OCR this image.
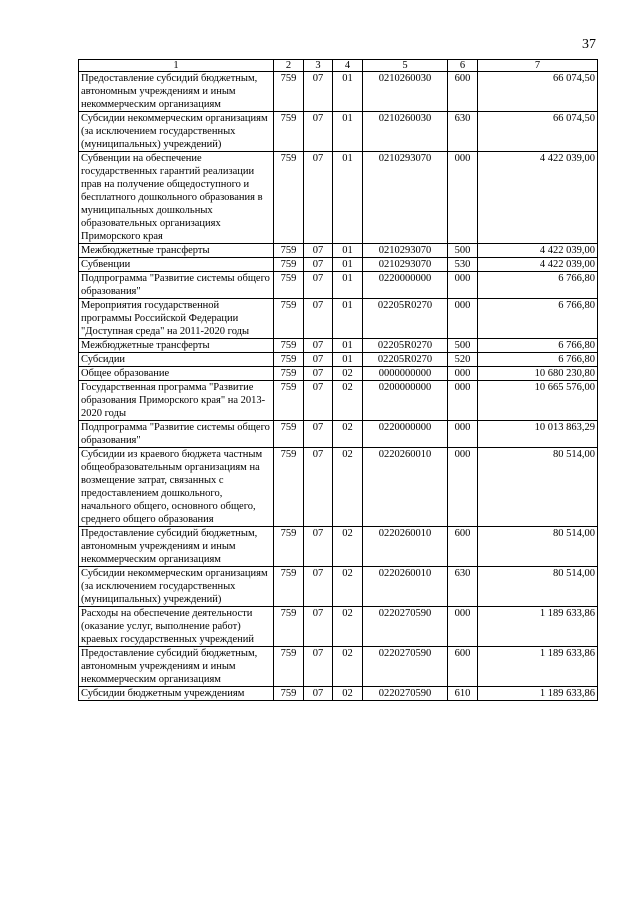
37
1	2	3	4	5	6	7
Предоставление субсидий бюджетным, автономным учреждениям и иным некоммерческим организациям	759	07	01	0210260030	600	66 074,50
Субсидии некоммерческим организациям (за исключением государственных (муниципальных) учреждений)	759	07	01	0210260030	630	66 074,50
Субвенции на обеспечение государственных гарантий реализации прав на получение общедоступного и бесплатного дошкольного образования в муниципальных дошкольных образовательных организациях Приморского края	759	07	01	0210293070	000	4 422 039,00
Межбюджетные трансферты	759	07	01	0210293070	500	4 422 039,00
Субвенции	759	07	01	0210293070	530	4 422 039,00
Подпрограмма "Развитие системы общего образования"	759	07	01	0220000000	000	6 766,80
Мероприятия государственной программы Российской Федерации "Доступная среда" на 2011-2020 годы	759	07	01	02205R0270	000	6 766,80
Межбюджетные трансферты	759	07	01	02205R0270	500	6 766,80
Субсидии	759	07	01	02205R0270	520	6 766,80
Общее образование	759	07	02	0000000000	000	10 680 230,80
Государственная программа "Развитие образования Приморского края" на 2013-2020 годы	759	07	02	0200000000	000	10 665 576,00
Подпрограмма "Развитие системы общего образования"	759	07	02	0220000000	000	10 013 863,29
Субсидии из краевого бюджета частным общеобразовательным организациям на возмещение затрат, связанных с предоставлением дошкольного, начального общего, основного общего, среднего общего образования	759	07	02	0220260010	000	80 514,00
Предоставление субсидий бюджетным, автономным учреждениям и иным некоммерческим организациям	759	07	02	0220260010	600	80 514,00
Субсидии некоммерческим организациям (за исключением государственных (муниципальных) учреждений)	759	07	02	0220260010	630	80 514,00
Расходы на обеспечение деятельности (оказание услуг, выполнение работ) краевых государственных учреждений	759	07	02	0220270590	000	1 189 633,86
Предоставление субсидий бюджетным, автономным учреждениям и иным некоммерческим организациям	759	07	02	0220270590	600	1 189 633,86
Субсидии бюджетным учреждениям	759	07	02	0220270590	610	1 189 633,86
